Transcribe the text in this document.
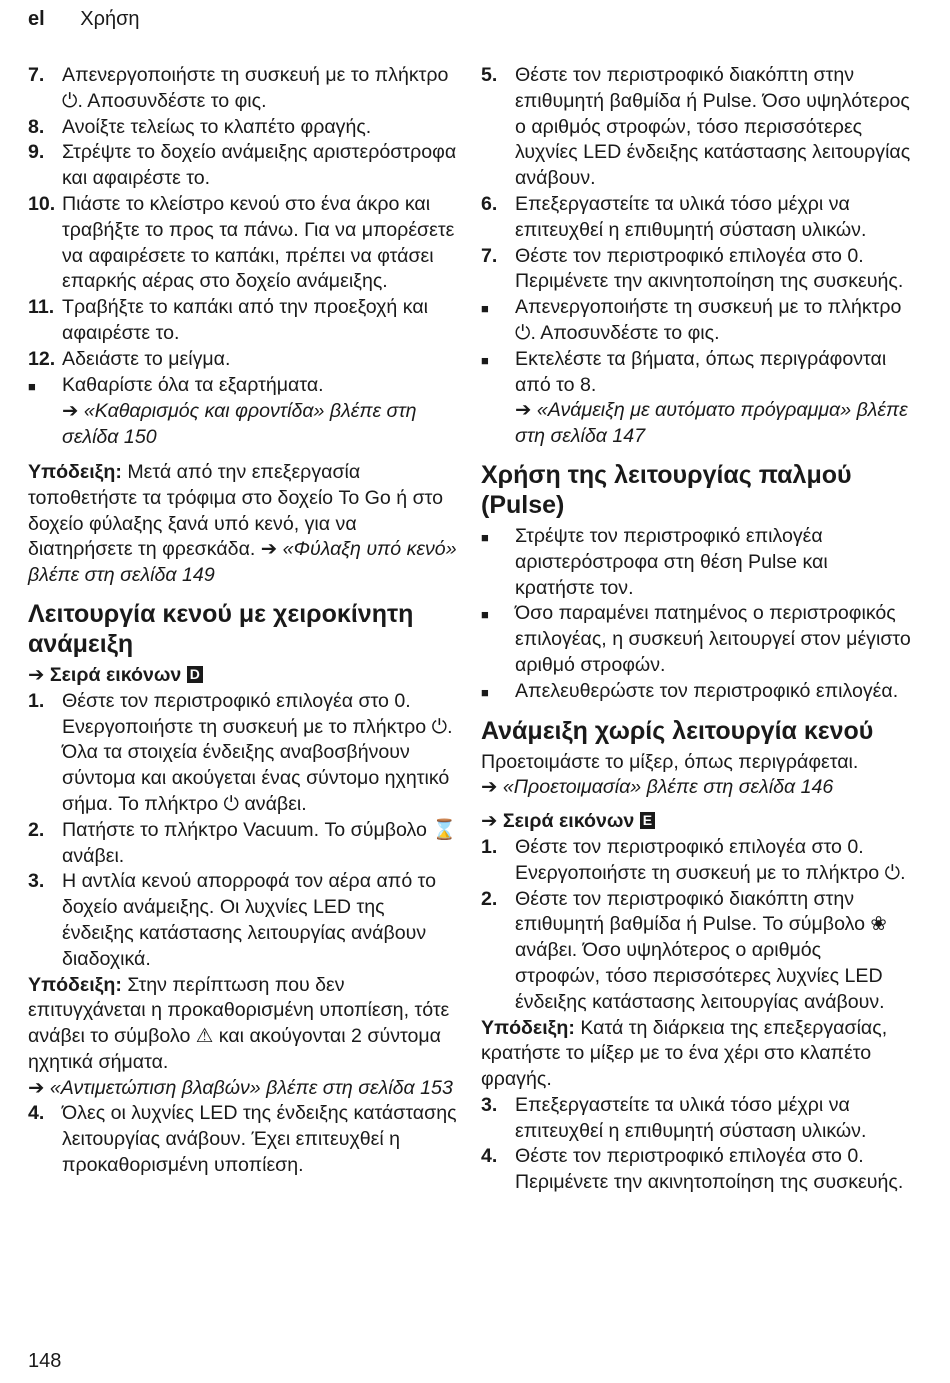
el Χρήση
7. Απενεργοποιήστε τη συσκευή με το πλήκτρο ⏻. Αποσυνδέστε το φις.
8. Ανοίξτε τελείως το κλαπέτο φραγής.
9. Στρέψτε το δοχείο ανάμειξης αριστερόστροφα και αφαιρέστε το.
10. Πιάστε το κλείστρο κενού στο ένα άκρο και τραβήξτε το προς τα πάνω. Για να μπορέσετε να αφαιρέσετε το καπάκι, πρέπει να φτάσει επαρκής αέρας στο δοχείο ανάμειξης.
11. Τραβήξτε το καπάκι από την προεξοχή και αφαιρέστε το.
12. Αδειάστε το μείγμα.
■	Καθαρίστε όλα τα εξαρτήματα.
➔ «Καθαρισμός και φροντίδα» βλέπε στη σελίδα 150
Υπόδειξη: Μετά από την επεξεργασία τοποθετήστε τα τρόφιμα στο δοχείο To Go ή στο δοχείο φύλαξης ξανά υπό κενό, για να διατηρήσετε τη φρεσκάδα. ➔ «Φύλαξη υπό κενό» βλέπε στη σελίδα 149
Λειτουργία κενού με χειροκίνητη ανάμειξη
➔ Σειρά εικόνων D
1. Θέστε τον περιστροφικό επιλογέα στο 0. Ενεργοποιήστε τη συσκευή με το πλήκτρο ⏻. Όλα τα στοιχεία ένδειξης αναβοσβήνουν σύντομα και ακούγεται ένας σύντομο ηχητικό σήμα. Το πλήκτρο ⏻ ανάβει.
2. Πατήστε το πλήκτρο Vacuum. Το σύμβολο ⌛ ανάβει.
3. Η αντλία κενού απορροφά τον αέρα από το δοχείο ανάμειξης. Οι λυχνίες LED της ένδειξης κατάστασης λειτουργίας ανάβουν διαδοχικά.
Υπόδειξη: Στην περίπτωση που δεν επιτυγχάνεται η προκαθορισμένη υποπίεση, τότε ανάβει το σύμβολο ⚠ και ακούγονται 2 σύντομα ηχητικά σήματα.
➔ «Αντιμετώπιση βλαβών» βλέπε στη σελίδα 153
4. Όλες οι λυχνίες LED της ένδειξης κατάστασης λειτουργίας ανάβουν. Έχει επιτευχθεί η προκαθορισμένη υποπίεση.
5. Θέστε τον περιστροφικό διακόπτη στην επιθυμητή βαθμίδα ή Pulse. Όσο υψηλότερος ο αριθμός στροφών, τόσο περισσότερες λυχνίες LED ένδειξης κατάστασης λειτουργίας ανάβουν.
6. Επεξεργαστείτε τα υλικά τόσο μέχρι να επιτευχθεί η επιθυμητή σύσταση υλικών.
7. Θέστε τον περιστροφικό επιλογέα στο 0. Περιμένετε την ακινητοποίηση της συσκευής.
■	Απενεργοποιήστε τη συσκευή με το πλήκτρο ⏻. Αποσυνδέστε το φις.
■	Εκτελέστε τα βήματα, όπως περιγράφονται από το 8.
➔ «Ανάμειξη με αυτόματο πρόγραμμα» βλέπε στη σελίδα 147
Χρήση της λειτουργίας παλμού (Pulse)
■	Στρέψτε τον περιστροφικό επιλογέα αριστερόστροφα στη θέση Pulse και κρατήστε τον.
■	Όσο παραμένει πατημένος ο περιστροφικός επιλογέας, η συσκευή λειτουργεί στον μέγιστο αριθμό στροφών.
■	Απελευθερώστε τον περιστροφικό επιλογέα.
Ανάμειξη χωρίς λειτουργία κενού
Προετοιμάστε το μίξερ, όπως περιγράφεται.
➔ «Προετοιμασία» βλέπε στη σελίδα 146
➔ Σειρά εικόνων E
1. Θέστε τον περιστροφικό επιλογέα στο 0. Ενεργοποιήστε τη συσκευή με το πλήκτρο ⏻.
2. Θέστε τον περιστροφικό διακόπτη στην επιθυμητή βαθμίδα ή Pulse. Το σύμβολο ❀ ανάβει. Όσο υψηλότερος ο αριθμός στροφών, τόσο περισσότερες λυχνίες LED ένδειξης κατάστασης λειτουργίας ανάβουν.
Υπόδειξη: Κατά τη διάρκεια της επεξεργασίας, κρατήστε το μίξερ με το ένα χέρι στο κλαπέτο φραγής.
3. Επεξεργαστείτε τα υλικά τόσο μέχρι να επιτευχθεί η επιθυμητή σύσταση υλικών.
4. Θέστε τον περιστροφικό επιλογέα στο 0. Περιμένετε την ακινητοποίηση της συσκευής.
148
